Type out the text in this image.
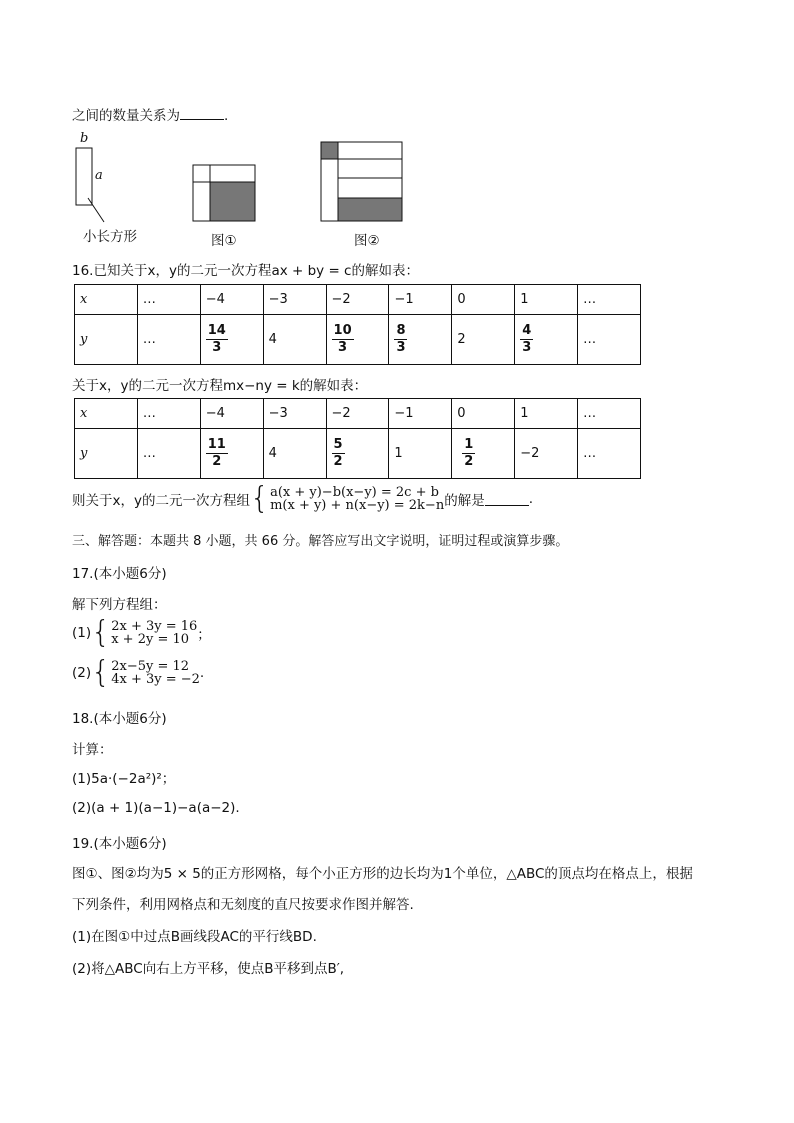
之间的数量关系为	.
b
a
小长方形	图①	图②
16.已知关于x，y的二元一次方程ax + by = c的解如表：
x	…	−4	−3	−2	−1	0	1	…
y	…	$\frac{14}{3}$	4	$\frac{10}{3}$	$\frac{8}{3}$	2	$\frac{4}{3}$	…
关于x，y的二元一次方程mx−ny = k的解如表：
x	…	−4	−3	−2	−1	0	1	…
y	…	$\frac{11}{2}$	4	$\frac{5}{2}$	1	$\frac{1}{2}$	−2	…
则关于x，y的二元一次方程组 { a(x + y)−b(x−y) = 2c + b
m(x + y) + n(x−y) = 2k−n 的解是	.
三、解答题：本题共 8 小题，共 66 分。解答应写出文字说明，证明过程或演算步骤。
17.(本小题6分)
解下列方程组：
(1) { 2x + 3y = 16
x + 2y = 10 ；
(2) { 2x−5y = 12
4x + 3y = −2 .
18.(本小题6分)
计算：
(1)5a·(−2a²)²；
(2)(a + 1)(a−1)−a(a−2).
19.(本小题6分)
图①、图②均为5 × 5的正方形网格，每个小正方形的边长均为1个单位，△ABC的顶点均在格点上，根据
下列条件，利用网格点和无刻度的直尺按要求作图并解答.
(1)在图①中过点B画线段AC的平行线BD.
(2)将△ABC向右上方平移，使点B平移到点B′,
